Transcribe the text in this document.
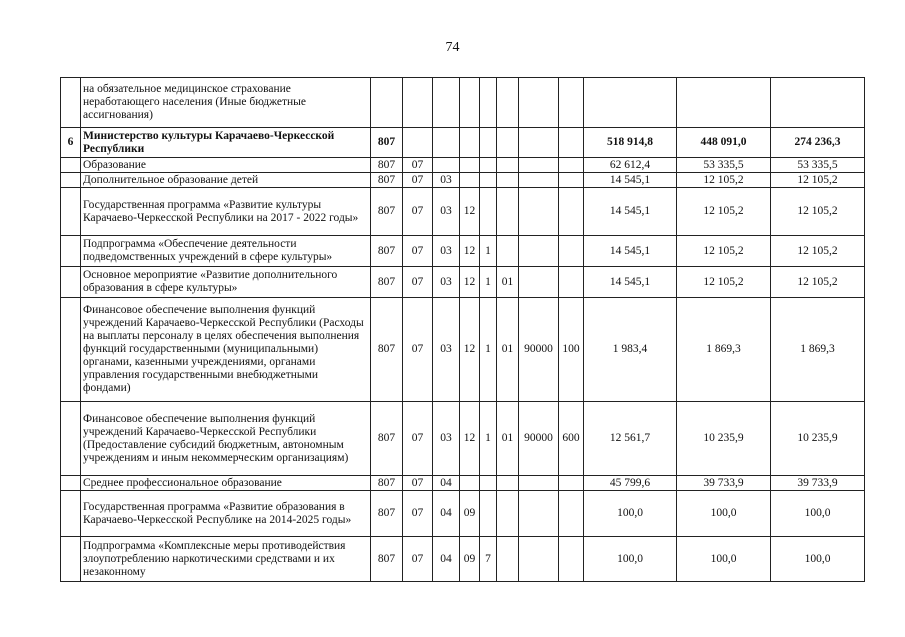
74
	на обязательное медицинское страхование неработающего населения (Иные бюджетные ассигнования)											
6	Министерство культуры Карачаево-Черкесской Республики	807								518 914,8	448 091,0	274 236,3
	Образование	807	07							62 612,4	53 335,5	53 335,5
	Дополнительное образование детей	807	07	03						14 545,1	12 105,2	12 105,2
	Государственная программа «Развитие культуры Карачаево-Черкесской Республики на 2017 - 2022 годы»	807	07	03	12					14 545,1	12 105,2	12 105,2
	Подпрограмма «Обеспечение деятельности подведомственных учреждений в сфере культуры»	807	07	03	12	1				14 545,1	12 105,2	12 105,2
	Основное мероприятие «Развитие дополнительного образования в сфере культуры»	807	07	03	12	1	01			14 545,1	12 105,2	12 105,2
	Финансовое обеспечение выполнения функций учреждений Карачаево-Черкесской Республики (Расходы на выплаты персоналу в целях обеспечения выполнения функций государственными (муниципальными) органами, казенными учреждениями, органами управления государственными внебюджетными фондами)	807	07	03	12	1	01	90000	100	1 983,4	1 869,3	1 869,3
	Финансовое обеспечение выполнения функций учреждений Карачаево-Черкесской Республики (Предоставление субсидий бюджетным, автономным учреждениям и иным некоммерческим организациям)	807	07	03	12	1	01	90000	600	12 561,7	10 235,9	10 235,9
	Среднее профессиональное образование	807	07	04						45 799,6	39 733,9	39 733,9
	Государственная программа «Развитие образования в Карачаево-Черкесской Республике на 2014-2025 годы»	807	07	04	09					100,0	100,0	100,0
	Подпрограмма «Комплексные меры противодействия злоупотреблению наркотическими средствами и их незаконному	807	07	04	09	7				100,0	100,0	100,0
